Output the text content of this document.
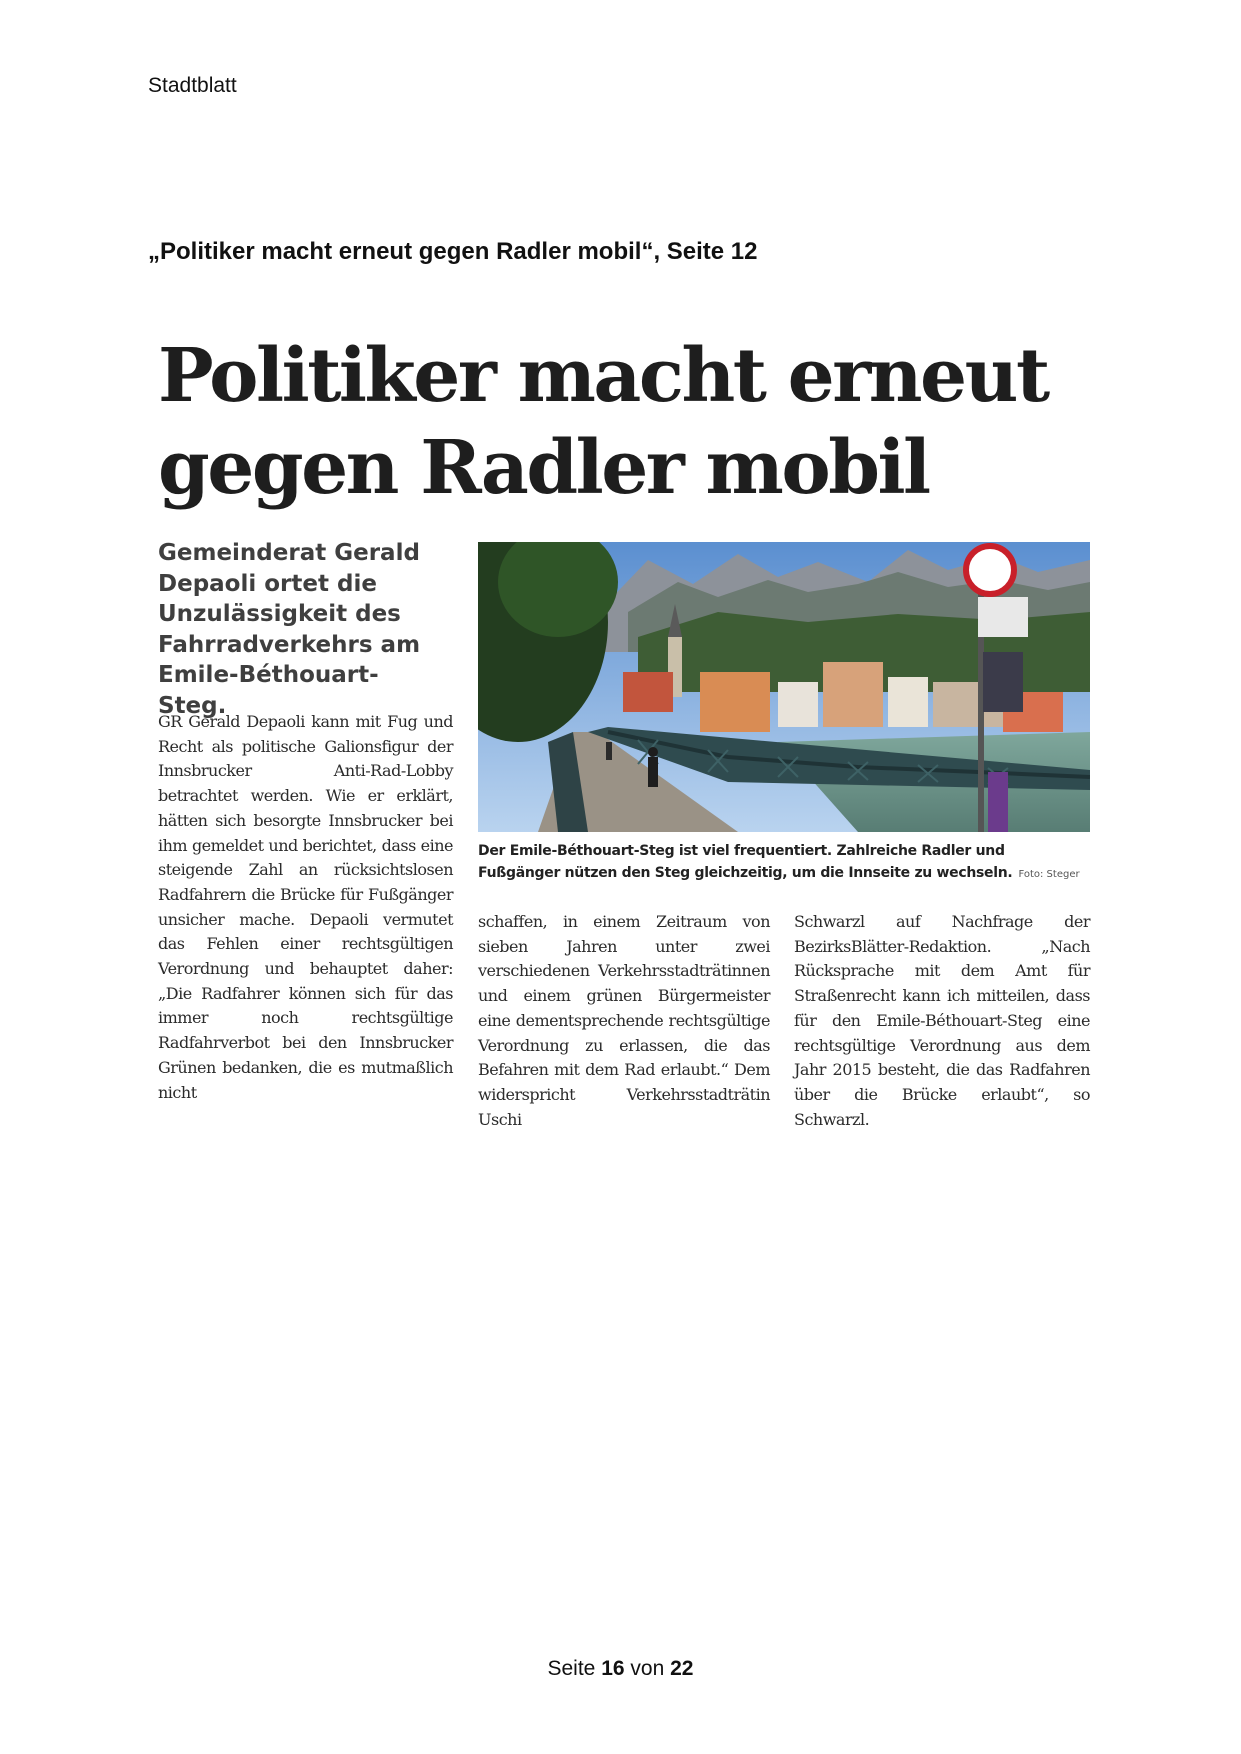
Stadtblatt
„Politiker macht erneut gegen Radler mobil“, Seite 12
Politiker macht erneut
gegen Radler mobil

Gemeinderat Gerald Depaoli ortet die Unzulässigkeit des Fahrradverkehrs am Emile-Béthouart-Steg.

Der Emile-Béthouart-Steg ist viel frequentiert. Zahlreiche Radler und Fußgänger nützen den Steg gleichzeitig, um die Innseite zu wechseln. Foto: Steger

GR Gerald Depaoli kann mit Fug und Recht als politische Galionsfigur der Innsbrucker Anti-Rad-Lobby betrachtet werden. Wie er erklärt, hätten sich besorgte Innsbrucker bei ihm gemeldet und berichtet, dass eine steigende Zahl an rücksichtslosen Radfahrern die Brücke für Fußgänger unsicher mache. Depaoli vermutet das Fehlen einer rechtsgültigen Verordnung und behauptet daher: „Die Radfahrer können sich für das immer noch rechtsgültige Radfahrverbot bei den Innsbrucker Grünen bedanken, die es mutmaßlich nicht

schaffen, in einem Zeitraum von sieben Jahren unter zwei verschiedenen Verkehrsstadträtinnen und einem grünen Bürgermeister eine dementsprechende rechtsgültige Verordnung zu erlassen, die das Befahren mit dem Rad erlaubt.“ Dem widerspricht Verkehrsstadträtin Uschi

Schwarzl auf Nachfrage der BezirksBlätter-Redaktion. „Nach Rücksprache mit dem Amt für Straßenrecht kann ich mitteilen, dass für den Emile-Béthouart-Steg eine rechtsgültige Verordnung aus dem Jahr 2015 besteht, die das Radfahren über die Brücke erlaubt“, so Schwarzl.

Seite 16 von 22
